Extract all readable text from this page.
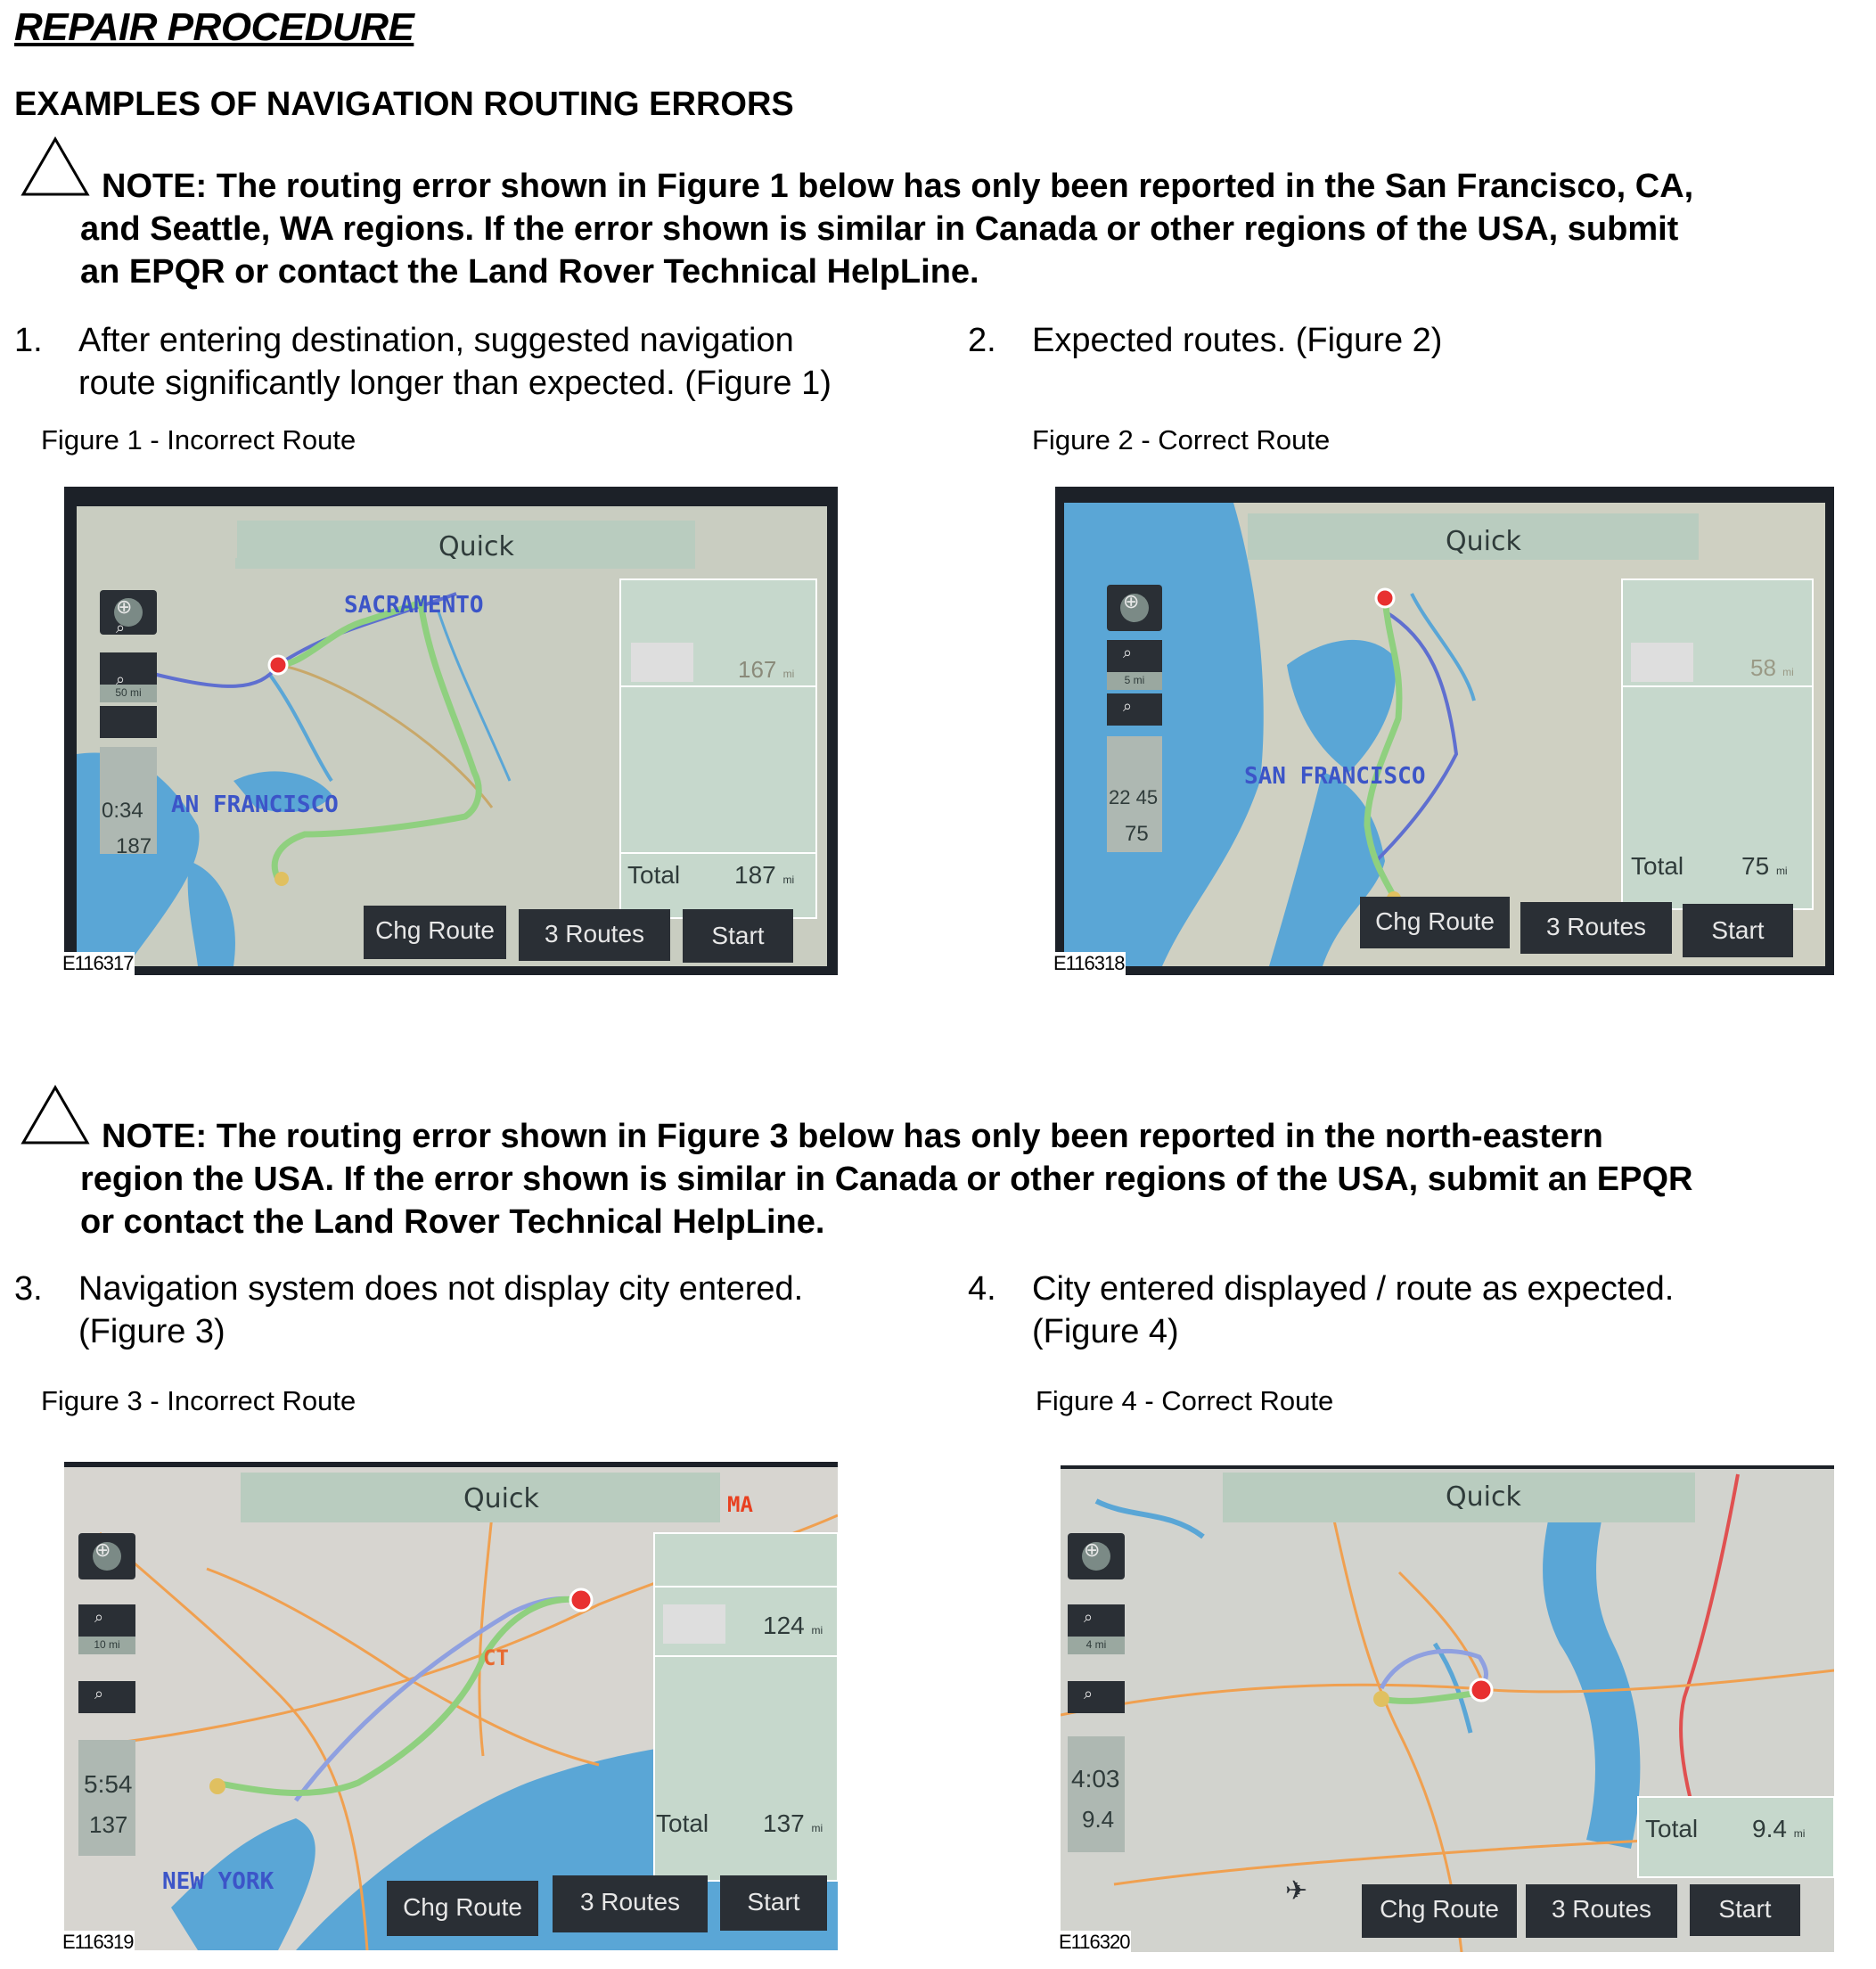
REPAIR PROCEDURE
EXAMPLES OF NAVIGATION ROUTING ERRORS
NOTE: The routing error shown in Figure 1 below has only been reported in the San Francisco, CA,
and Seattle, WA regions. If the error shown is similar in Canada or other regions of the USA, submit
an EPQR or contact the Land Rover Technical HelpLine.
1. After entering destination, suggested navigation
route significantly longer than expected. (Figure 1)
2. Expected routes. (Figure 2)
Figure 1 - Incorrect Route	Figure 2 - Correct Route
Quick
SACRAMENTO
AN FRANCISCO
50 mi
⌕
⌕
⊕
0:34
187
167 mi
Total 187 mi
Chg Route	3 Routes	Start
E116317
Quick
SAN FRANCISCO
5 mi
⊕
⌕
⌕
22 45
75
58 mi
Total 75 mi
Chg Route	3 Routes	Start
E116318
NOTE: The routing error shown in Figure 3 below has only been reported in the north-eastern
region the USA. If the error shown is similar in Canada or other regions of the USA, submit an EPQR
or contact the Land Rover Technical HelpLine.
3. Navigation system does not display city entered.
(Figure 3)
4. City entered displayed / route as expected.
(Figure 4)
Figure 3 - Incorrect Route	Figure 4 - Correct Route
Quick	MA
CT
NEW YORK
10 mi
⊕
⌕
⌕
5:54
137
124 mi
Total 137 mi
Chg Route	3 Routes	Start
E116319
Quick
4 mi
⊕
⌕
⌕
4:03
9.4	Total 9.4 mi
Chg Route	3 Routes	Start
✈
E116320
